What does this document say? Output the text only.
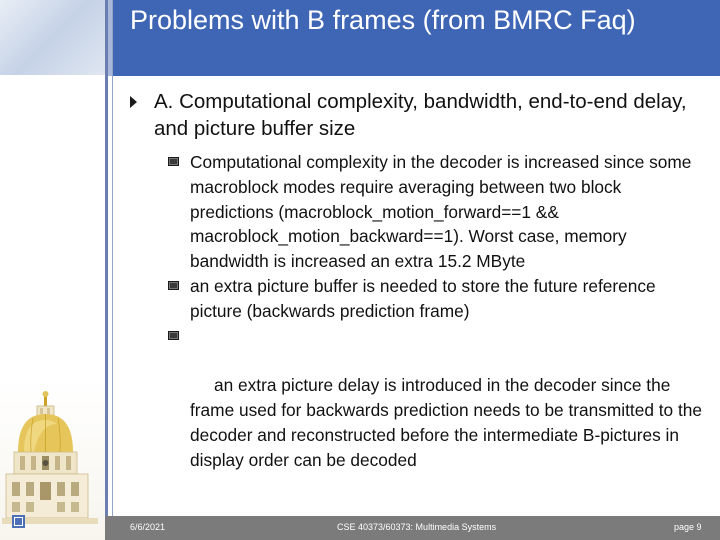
Problems with B frames (from BMRC Faq)
A. Computational complexity, bandwidth, end-to-end delay, and picture buffer size
Computational complexity in the decoder is increased since some macroblock modes require averaging between two block predictions (macroblock_motion_forward==1 && macroblock_motion_backward==1). Worst case, memory bandwidth is increased an extra 15.2 MByte
an extra picture buffer is needed to store the future reference picture (backwards prediction frame)

an extra picture delay is introduced in the decoder since the frame used for backwards prediction needs to be transmitted to the decoder and reconstructed before the intermediate B-pictures in display order can be decoded

6/6/2021	CSE 40373/60373: Multimedia Systems	page 9
